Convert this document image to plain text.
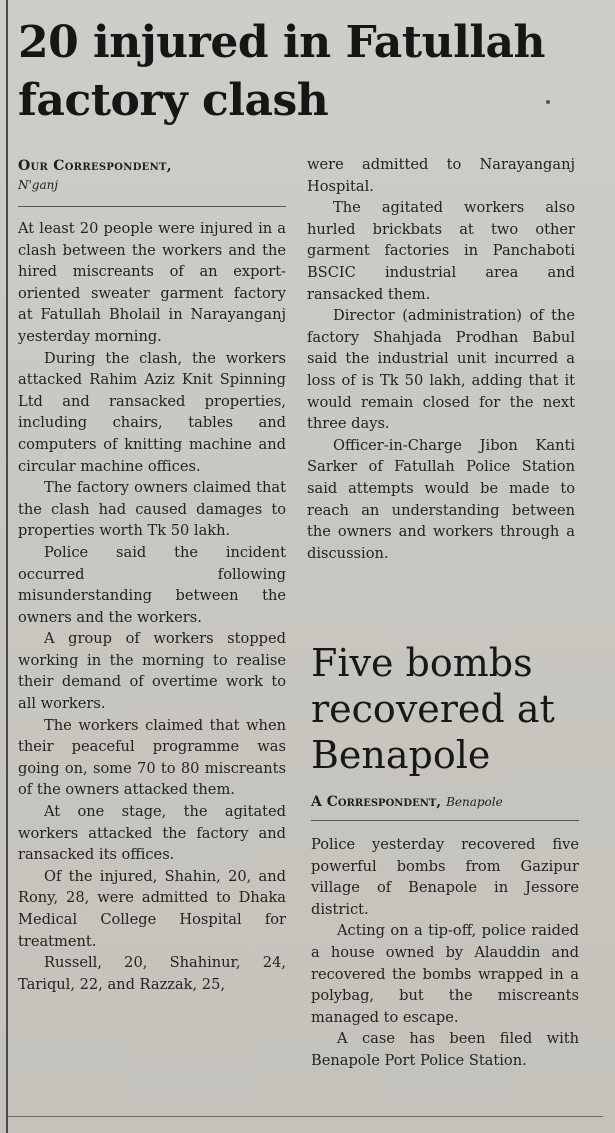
20 injured in Fatullah factory clash
Our Correspondent,
N'ganj

At least 20 people were injured in a clash between the workers and the hired miscreants of an export-oriented sweater garment factory at Fatullah Bholail in Narayanganj yesterday morning.

During the clash, the workers attacked Rahim Aziz Knit Spinning Ltd and ransacked properties, including chairs, tables and computers of knitting machine and circular machine offices.

The factory owners claimed that the clash had caused damages to properties worth Tk 50 lakh.

Police said the incident occurred following misunderstanding between the owners and the workers.

A group of workers stopped working in the morning to realise their demand of overtime work to all workers.

The workers claimed that when their peaceful programme was going on, some 70 to 80 miscreants of the owners attacked them.

At one stage, the agitated workers attacked the factory and ransacked its offices.

Of the injured, Shahin, 20, and Rony, 28, were admitted to Dhaka Medical College Hospital for treatment.

Russell, 20, Shahinur, 24, Tariqul, 22, and Razzak, 25,

were admitted to Narayanganj Hospital.

The agitated workers also hurled brickbats at two other garment factories in Panchaboti BSCIC industrial area and ransacked them.

Director (administration) of the factory Shahjada Prodhan Babul said the industrial unit incurred a loss of is Tk 50 lakh, adding that it would remain closed for the next three days.

Officer-in-Charge Jibon Kanti Sarker of Fatullah Police Station said attempts would be made to reach an understanding between the owners and workers through a discussion.

Five bombs recovered at Benapole
A Correspondent, Benapole

Police yesterday recovered five powerful bombs from Gazipur village of Benapole in Jessore district.

Acting on a tip-off, police raided a house owned by Alauddin and recovered the bombs wrapped in a polybag, but the miscreants managed to escape.

A case has been filed with Benapole Port Police Station.
